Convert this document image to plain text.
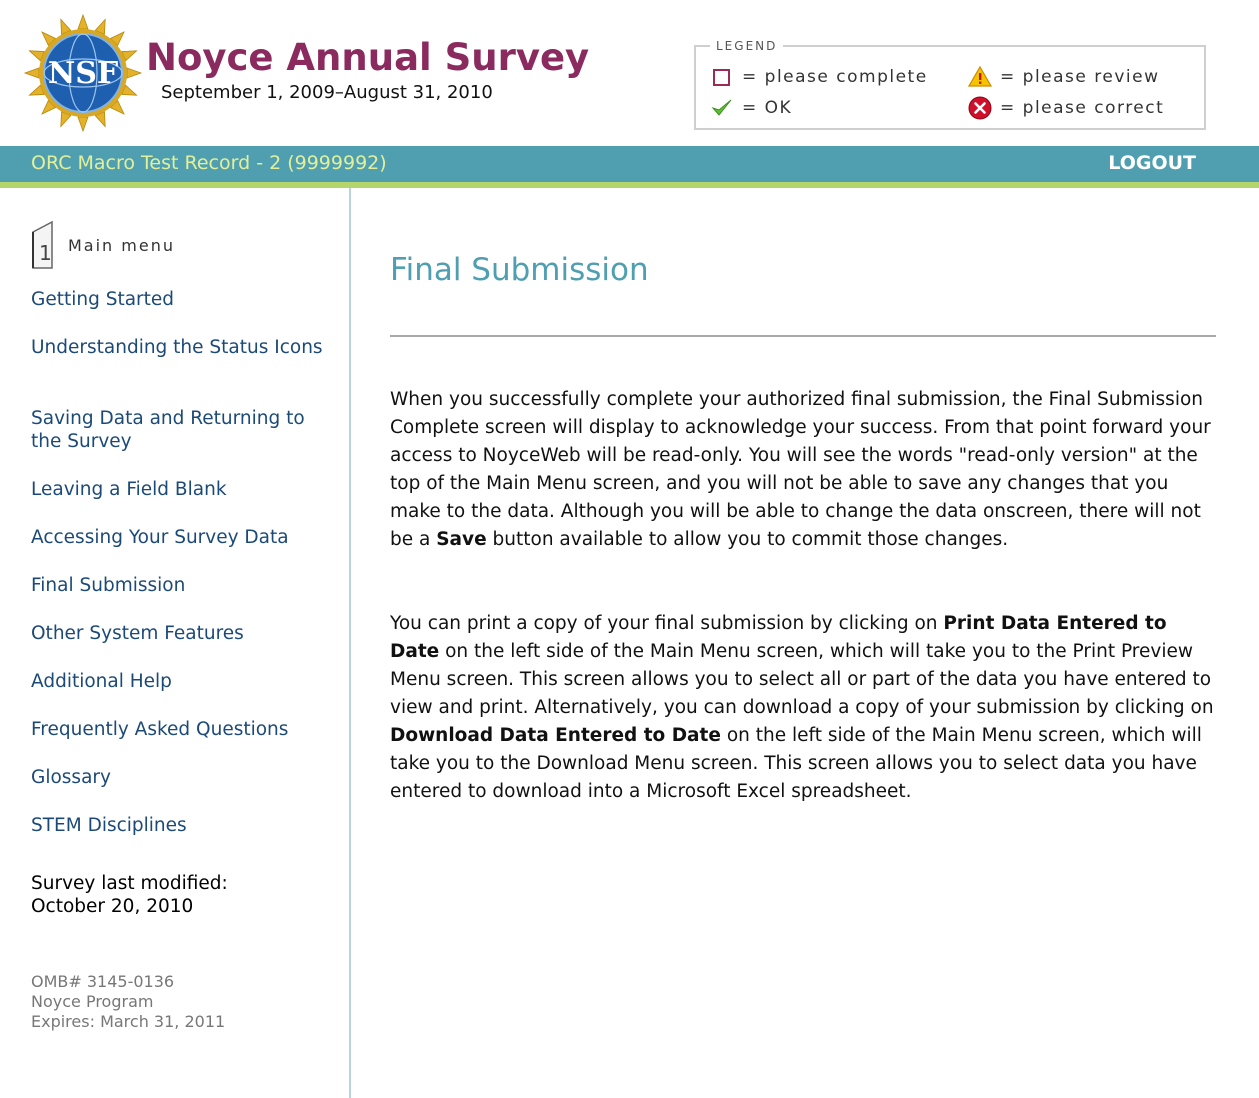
NSF Noyce Annual Survey
September 1, 2009–August 31, 2010
LEGEND
= please complete	= please review
= OK	= please correct
ORC Macro Test Record - 2 (9999992)	LOGOUT
1 Main menu
Getting Started
Understanding the Status Icons
Saving Data and Returning to the Survey
Leaving a Field Blank
Accessing Your Survey Data
Final Submission
Other System Features
Additional Help
Frequently Asked Questions
Glossary
STEM Disciplines
Survey last modified:
October 20, 2010
OMB# 3145-0136
Noyce Program
Expires: March 31, 2011
Final Submission

When you successfully complete your authorized final submission, the Final Submission Complete screen will display to acknowledge your success. From that point forward your access to NoyceWeb will be read-only. You will see the words "read-only version" at the top of the Main Menu screen, and you will not be able to save any changes that you make to the data. Although you will be able to change the data onscreen, there will not be a Save button available to allow you to commit those changes.

You can print a copy of your final submission by clicking on Print Data Entered to Date on the left side of the Main Menu screen, which will take you to the Print Preview Menu screen. This screen allows you to select all or part of the data you have entered to view and print. Alternatively, you can download a copy of your submission by clicking on Download Data Entered to Date on the left side of the Main Menu screen, which will take you to the Download Menu screen. This screen allows you to select data you have entered to download into a Microsoft Excel spreadsheet.
